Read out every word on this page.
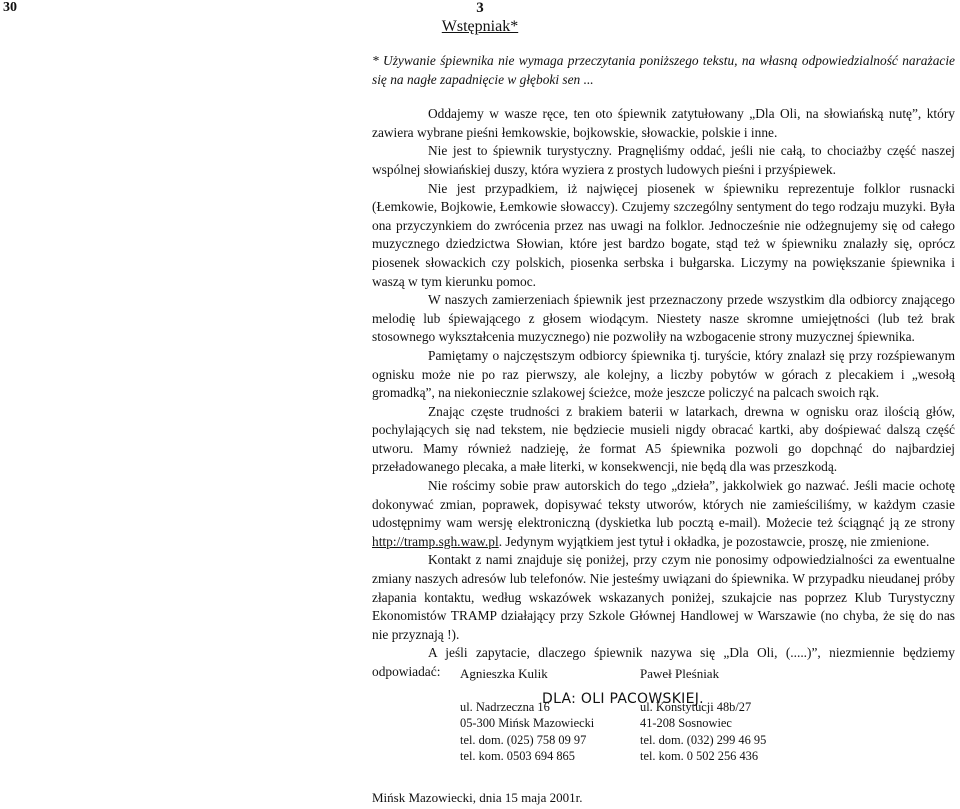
30	3
Wstępniak*

* Używanie śpiewnika nie wymaga przeczytania poniższego tekstu, na własną odpowiedzialność narażacie się na nagłe zapadnięcie w głęboki sen ...

Oddajemy w wasze ręce, ten oto śpiewnik zatytułowany „Dla Oli, na słowiańską nutę”, który zawiera wybrane pieśni łemkowskie, bojkowskie, słowackie, polskie i inne.

Nie jest to śpiewnik turystyczny. Pragnęliśmy oddać, jeśli nie całą, to chociażby część naszej wspólnej słowiańskiej duszy, która wyziera z prostych ludowych pieśni i przyśpiewek.

Nie jest przypadkiem, iż najwięcej piosenek w śpiewniku reprezentuje folklor rusnacki (Łemkowie, Bojkowie, Łemkowie słowaccy). Czujemy szczególny sentyment do tego rodzaju muzyki. Była ona przyczynkiem do zwrócenia przez nas uwagi na folklor. Jednocześnie nie odżegnujemy się od całego muzycznego dziedzictwa Słowian, które jest bardzo bogate, stąd też w śpiewniku znalazły się, oprócz piosenek słowackich czy polskich, piosenka serbska i bułgarska. Liczymy na powiększanie śpiewnika i waszą w tym kierunku pomoc.

W naszych zamierzeniach śpiewnik jest przeznaczony przede wszystkim dla odbiorcy znającego melodię lub śpiewającego z głosem wiodącym. Niestety nasze skromne umiejętności (lub też brak stosownego wykształcenia muzycznego) nie pozwoliły na wzbogacenie strony muzycznej śpiewnika.

Pamiętamy o najczęstszym odbiorcy śpiewnika tj. turyście, który znalazł się przy rozśpiewanym ognisku może nie po raz pierwszy, ale kolejny, a liczby pobytów w górach z plecakiem i „wesołą gromadką”, na niekoniecznie szlakowej ścieżce, może jeszcze policzyć na palcach swoich rąk.

Znając częste trudności z brakiem baterii w latarkach, drewna w ognisku oraz ilością głów, pochylających się nad tekstem, nie będziecie musieli nigdy obracać kartki, aby dośpiewać dalszą część utworu. Mamy również nadzieję, że format A5 śpiewnika pozwoli go dopchnąć do najbardziej przeładowanego plecaka, a małe literki, w konsekwencji, nie będą dla was przeszkodą.

Nie rościmy sobie praw autorskich do tego „dzieła”, jakkolwiek go nazwać. Jeśli macie ochotę dokonywać zmian, poprawek, dopisywać teksty utworów, których nie zamieściliśmy, w każdym czasie udostępnimy wam wersję elektroniczną (dyskietka lub pocztą e-mail). Możecie też ściągnąć ją ze strony http://tramp.sgh.waw.pl. Jedynym wyjątkiem jest tytuł i okładka, je pozostawcie, proszę, nie zmienione.

Kontakt z nami znajduje się poniżej, przy czym nie ponosimy odpowiedzialności za ewentualne zmiany naszych adresów lub telefonów. Nie jesteśmy uwiązani do śpiewnika. W przypadku nieudanej próby złapania kontaktu, według wskazówek wskazanych poniżej, szukajcie nas poprzez Klub Turystyczny Ekonomistów TRAMP działający przy Szkole Głównej Handlowej w Warszawie (no chyba, że się do nas nie przyznają !).

A jeśli zapytacie, dlaczego śpiewnik nazywa się „Dla Oli, (.....)”, niezmiennie będziemy odpowiadać:

DLA: OLI PACOWSKIEJ.
Agnieszka Kulik
ul. Nadrzeczna 16
05-300 Mińsk Mazowiecki
tel. dom. (025) 758 09 97
tel. kom. 0503 694 865
Paweł Pleśniak
ul. Konstytucji 48b/27
41-208 Sosnowiec
tel. dom. (032) 299 46 95
tel. kom. 0 502 256 436
Mińsk Mazowiecki, dnia 15 maja 2001r.
